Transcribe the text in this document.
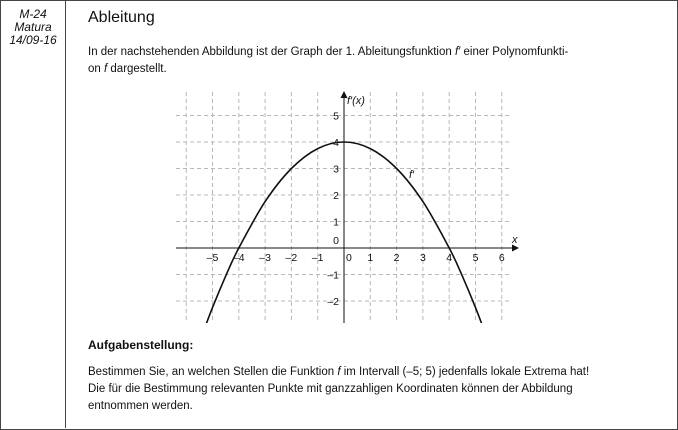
M-24
Matura
14/09-16
Ableitung
In der nachstehenden Abbildung ist der Graph der 1. Ableitungsfunktion f′ einer Polynomfunkti-
on f dargestellt.
–5 –4 –3 –2 –1 0 1 2 3 4 5 6
5
4
3
2
1
–1
–2
0	x
f′(x)
f′
Aufgabenstellung:
Bestimmen Sie, an welchen Stellen die Funktion f im Intervall (–5; 5) jedenfalls lokale Extrema hat!
Die für die Bestimmung relevanten Punkte mit ganzzahligen Koordinaten können der Abbildung
entnommen werden.
